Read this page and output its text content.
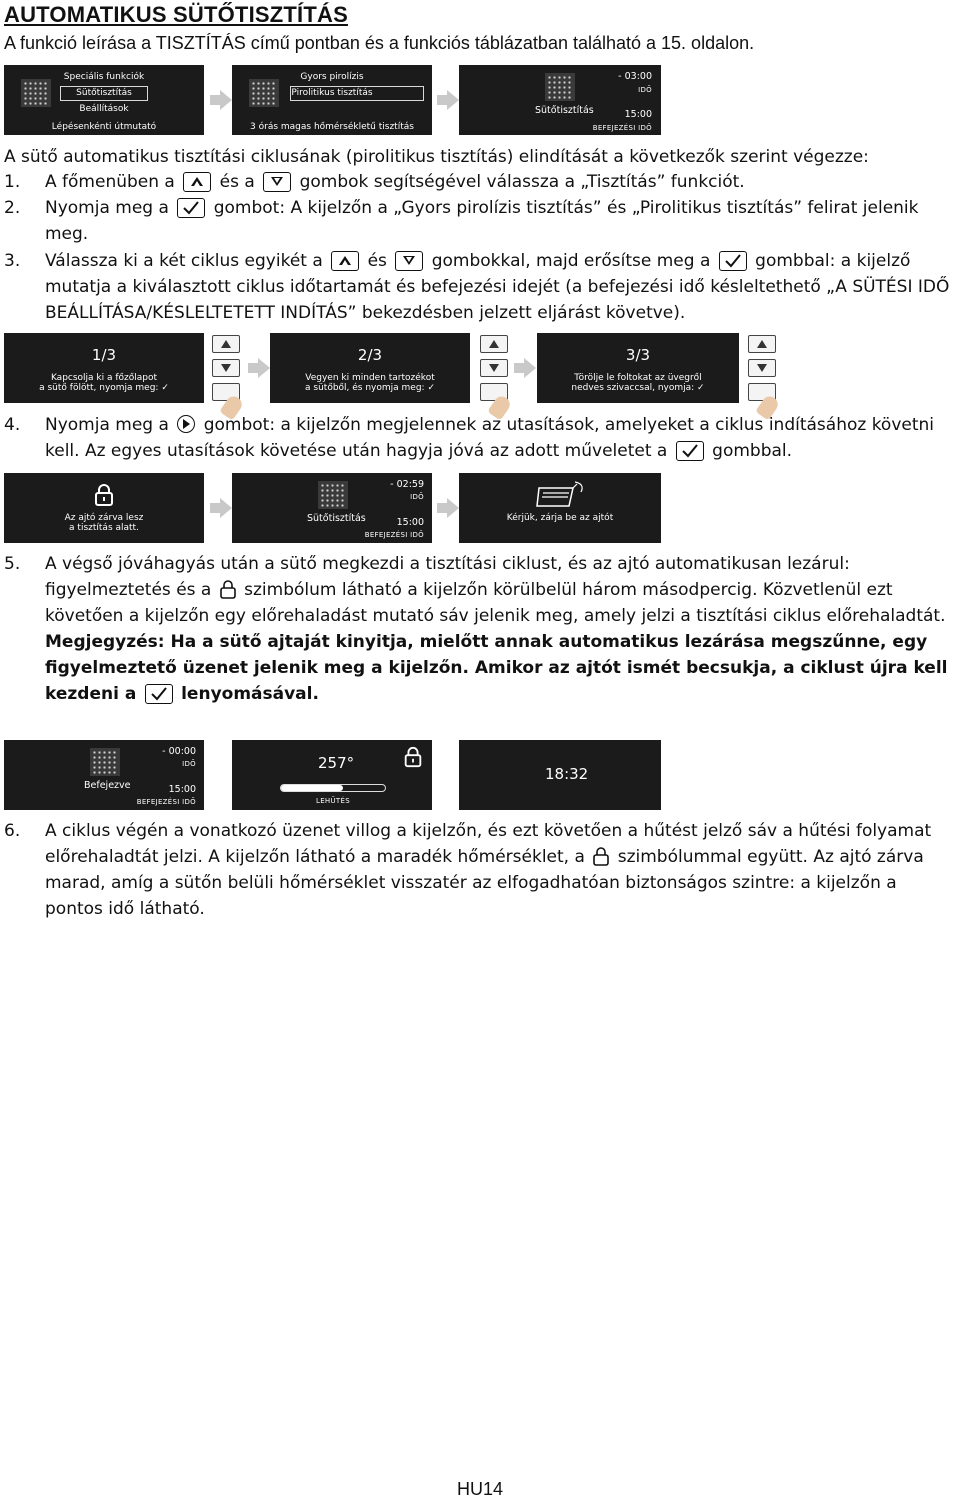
AUTOMATIKUS SÜTŐTISZTÍTÁS

A funkció leírása a TISZTÍTÁS című pontban és a funkciós táblázatban található a 15. oldalon.

Speciális funkciók
Sütőtisztítás
Beállítások
Lépésenkénti útmutató
Gyors pirolízis
Pirolitikus tisztítás
3 órás magas hőmérsékletű tisztítás
Sütőtisztítás
- 03:00
IDŐ
15:00
BEFEJEZÉSI IDŐ

A sütő automatikus tisztítási ciklusának (pirolitikus tisztítás) elindítását a következők szerint végezze:

1. A főmenüben a	és a	gombok segítségével válassza a „Tisztítás” funkciót.
2. Nyomja meg a	gombot: A kijelzőn a „Gyors pirolízis tisztítás” és „Pirolitikus tisztítás” felirat jelenik meg.
3. Válassza ki a két ciklus egyikét a	és	gombokkal, majd erősítse meg a	gombbal: a kijelző mutatja a kiválasztott ciklus időtartamát és befejezési idejét (a befejezési idő késleltethető „A SÜTÉSI IDŐ BEÁLLÍTÁSA/KÉSLELTETETT INDÍTÁS” bekezdésben jelzett eljárást követve).
1/3
Kapcsolja ki a főzőlapot
a sütő fölött, nyomja meg: ✓
2/3
Vegyen ki minden tartozékot
a sütőből, és nyomja meg: ✓
3/3
Törölje le foltokat az üvegről
nedves szivaccsal, nyomja: ✓
4. Nyomja meg a gombot: a kijelzőn megjelennek az utasítások, amelyeket a ciklus indításához követni kell. Az egyes utasítások követése után hagyja jóvá az adott műveletet a	gombbal.
Az ajtó zárva lesz
a tisztítás alatt.
Sütőtisztítás
- 02:59
IDŐ
15:00
BEFEJEZÉSI IDŐ
Kérjük, zárja be az ajtót
5. A végső jóváhagyás után a sütő megkezdi a tisztítási ciklust, és az ajtó automatikusan lezárul: figyelmeztetés és a szimbólum látható a kijelzőn körülbelül három másodpercig. Közvetlenül ezt követően a kijelzőn egy előrehaladást mutató sáv jelenik meg, amely jelzi a tisztítási ciklus előrehaladtát.
Megjegyzés: Ha a sütő ajtaját kinyitja, mielőtt annak automatikus lezárása megszűnne, egy figyelmeztető üzenet jelenik meg a kijelzőn. Amikor az ajtót ismét becsukja, a ciklust újra kell kezdeni a	lenyomásával.
Befejezve
- 00:00
IDŐ
15:00
BEFEJEZÉSI IDŐ
257°
LEHŰTÉS
18:32
6. A ciklus végén a vonatkozó üzenet villog a kijelzőn, és ezt követően a hűtést jelző sáv a hűtési folyamat előrehaladtát jelzi. A kijelzőn látható a maradék hőmérséklet, a szimbólummal együtt. Az ajtó zárva marad, amíg a sütőn belüli hőmérséklet visszatér az elfogadhatóan biztonságos szintre: a kijelzőn a pontos idő látható.
HU14
